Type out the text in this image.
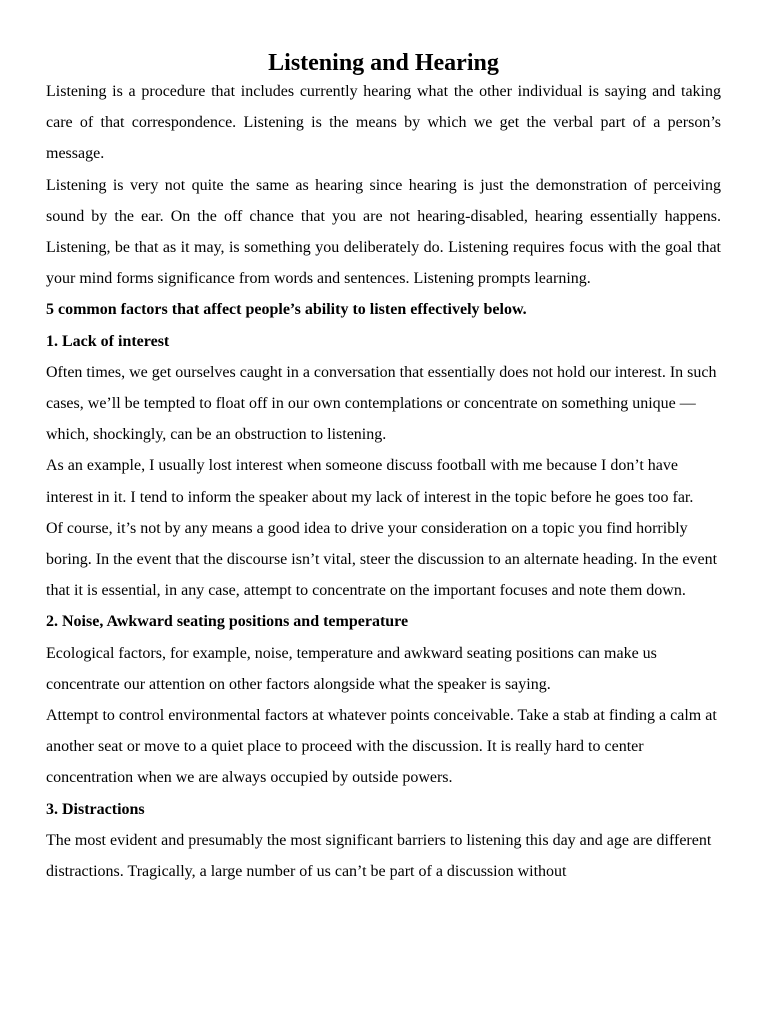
Listening and Hearing

Listening is a procedure that includes currently hearing what the other individual is saying and taking care of that correspondence. Listening is the means by which we get the verbal part of a person’s message.

Listening is very not quite the same as hearing since hearing is just the demonstration of perceiving sound by the ear. On the off chance that you are not hearing-disabled, hearing essentially happens. Listening, be that as it may, is something you deliberately do. Listening requires focus with the goal that your mind forms significance from words and sentences. Listening prompts learning.

5 common factors that affect people’s ability to listen effectively below.

1. Lack of interest

Often times, we get ourselves caught in a conversation that essentially does not hold our interest. In such cases, we’ll be tempted to float off in our own contemplations or concentrate on something unique — which, shockingly, can be an obstruction to listening.

As an example, I usually lost interest when someone discuss football with me because I don’t have interest in it. I tend to inform the speaker about my lack of interest in the topic before he goes too far.

Of course, it’s not by any means a good idea to drive your consideration on a topic you find horribly boring. In the event that the discourse isn’t vital, steer the discussion to an alternate heading. In the event that it is essential, in any case, attempt to concentrate on the important focuses and note them down.

2. Noise, Awkward seating positions and temperature

Ecological factors, for example, noise, temperature and awkward seating positions can make us concentrate our attention on other factors alongside what the speaker is saying.

Attempt to control environmental factors at whatever points conceivable. Take a stab at finding a calm at another seat or move to a quiet place to proceed with the discussion. It is really hard to center concentration when we are always occupied by outside powers.

3. Distractions

The most evident and presumably the most significant barriers to listening this day and age are different distractions. Tragically, a large number of us can’t be part of a discussion without
